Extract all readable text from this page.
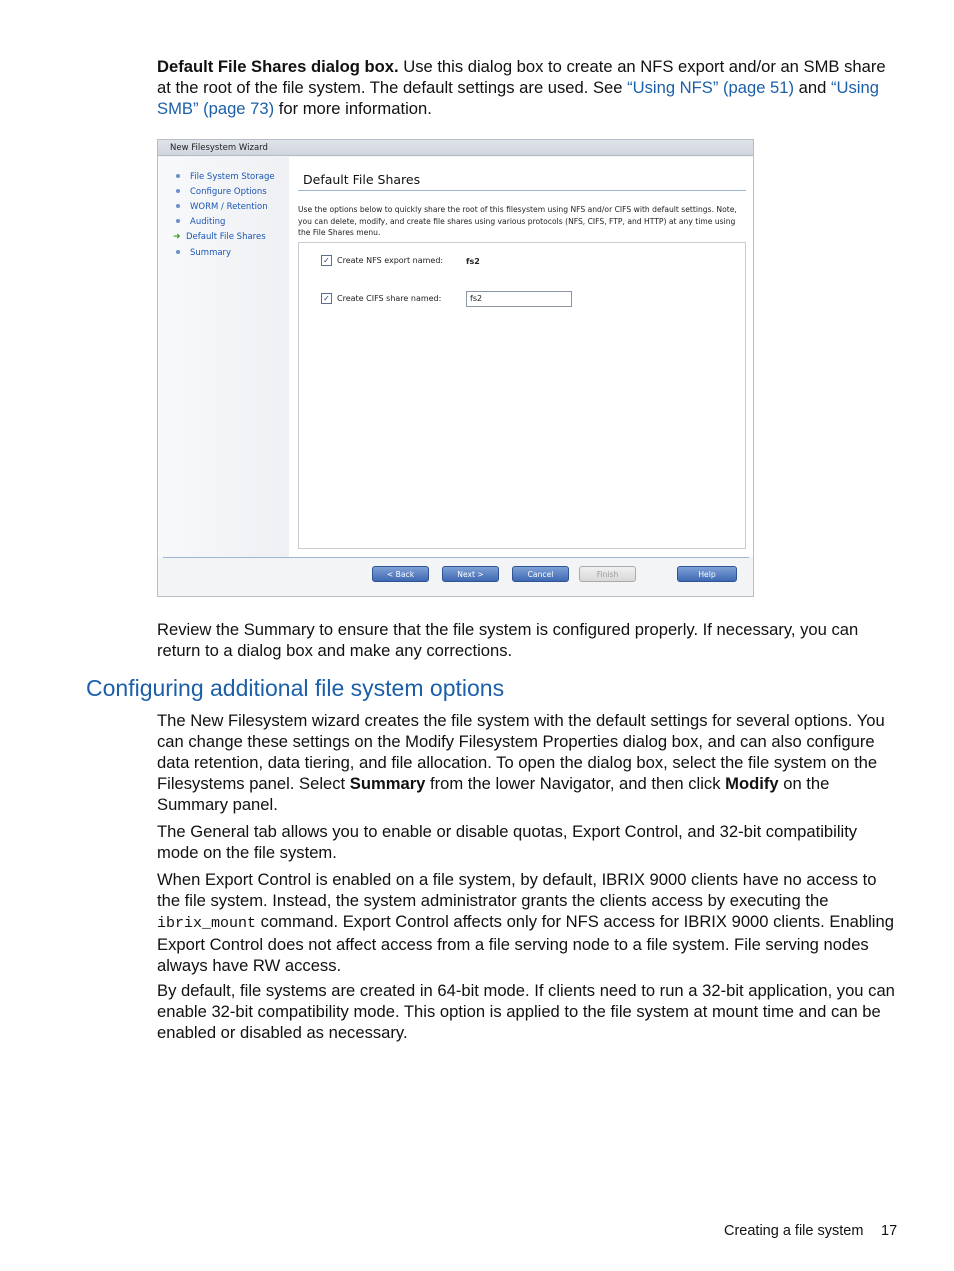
Default File Shares dialog box. Use this dialog box to create an NFS export and/or an SMB share at the root of the file system. The default settings are used. See “Using NFS” (page 51) and “Using SMB” (page 73) for more information.

New Filesystem Wizard
File System Storage
Configure Options
WORM / Retention
Auditing
➜ Default File Shares
Summary
Default File Shares
Use the options below to quickly share the root of this filesystem using NFS and/or CIFS with default settings. Note, you can delete, modify, and create file shares using various protocols (NFS, CIFS, FTP, and HTTP) at any time using the File Shares menu.
✓ Create NFS export named:	fs2
✓ Create CIFS share named:	fs2
< Back	Next >	Cancel	Finish	Help

Review the Summary to ensure that the file system is configured properly. If necessary, you can return to a dialog box and make any corrections.

Configuring additional file system options

The New Filesystem wizard creates the file system with the default settings for several options. You can change these settings on the Modify Filesystem Properties dialog box, and can also configure data retention, data tiering, and file allocation. To open the dialog box, select the file system on the Filesystems panel. Select Summary from the lower Navigator, and then click Modify on the Summary panel.

The General tab allows you to enable or disable quotas, Export Control, and 32-bit compatibility mode on the file system.

When Export Control is enabled on a file system, by default, IBRIX 9000 clients have no access to the file system. Instead, the system administrator grants the clients access by executing the ibrix_mount command. Export Control affects only for NFS access for IBRIX 9000 clients. Enabling Export Control does not affect access from a file serving node to a file system. File serving nodes always have RW access.

By default, file systems are created in 64-bit mode. If clients need to run a 32-bit application, you can enable 32-bit compatibility mode. This option is applied to the file system at mount time and can be enabled or disabled as necessary.

Creating a file system 17
